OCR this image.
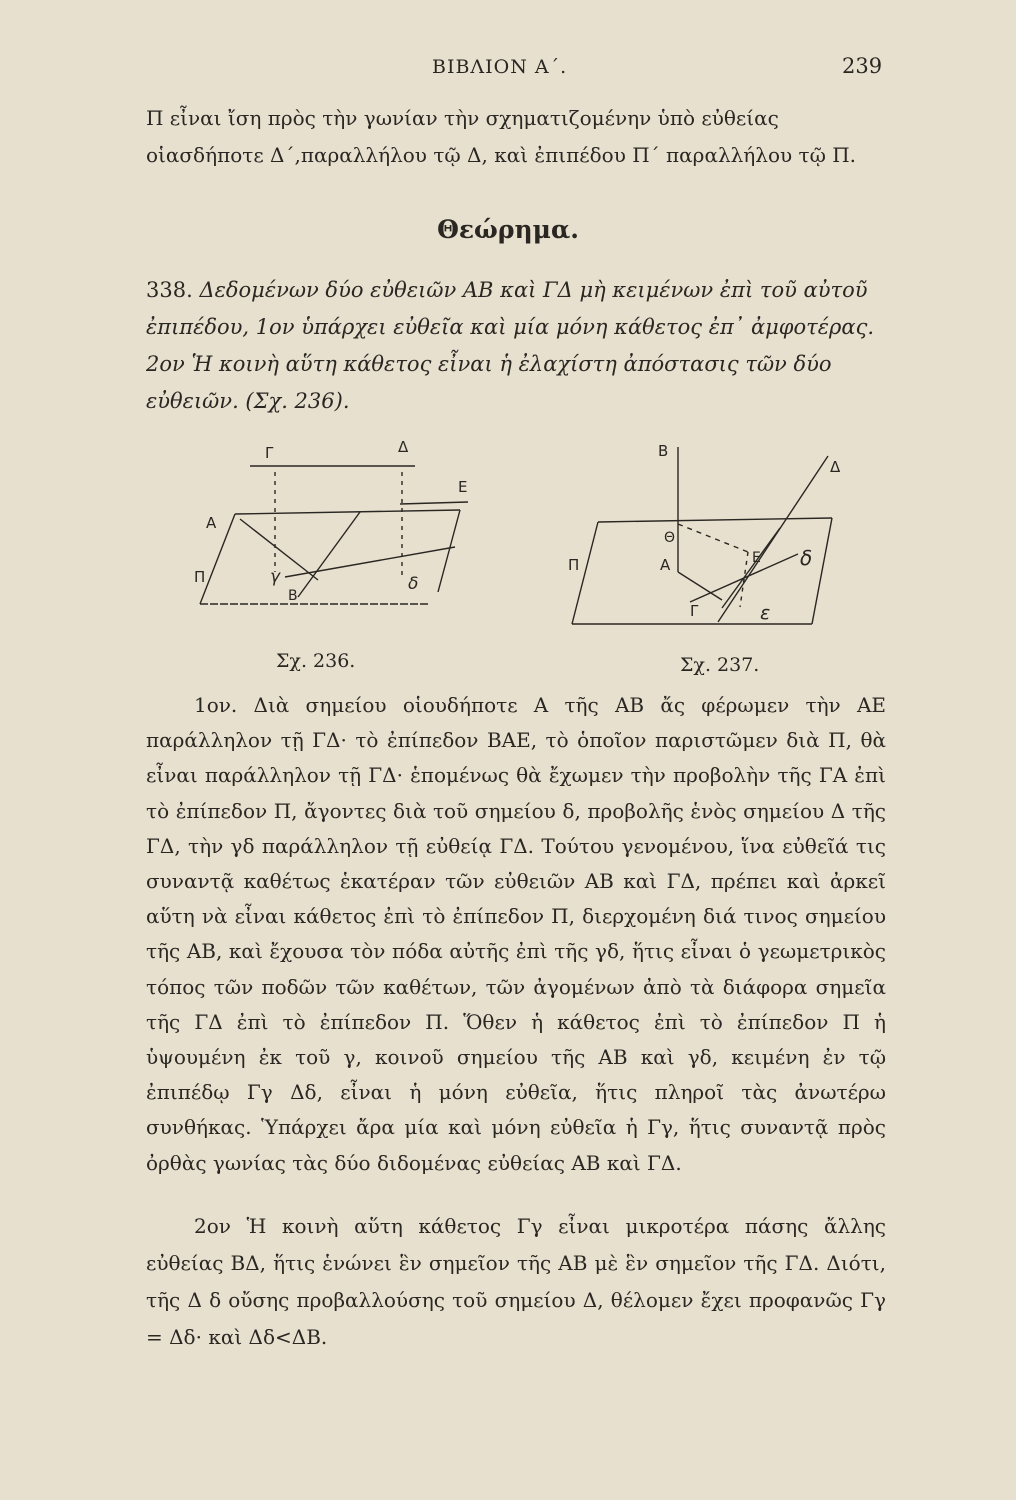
ΒΙΒΛΙΟΝ Α΄.	239

Π εἶναι ἴση πρὸς τὴν γωνίαν τὴν σχηματιζομένην ὑπὸ εὐθείας οἱασδήποτε Δ΄,παραλλήλου τῷ Δ, καὶ ἐπιπέδου Π΄ παραλλήλου τῷ Π.

Θεώρημα.

338. Δεδομένων δύο εὐθειῶν ΑΒ καὶ ΓΔ μὴ κειμένων ἐπὶ τοῦ αὐτοῦ ἐπιπέδου, 1ον ὑπάρχει εὐθεῖα καὶ μία μόνη κάθετος ἐπ᾽ ἀμφοτέρας. 2ον Ἡ κοινὴ αὕτη κάθετος εἶναι ἡ ἐλαχίστη ἀπόστασις τῶν δύο εὐθειῶν. (Σχ. 236).

Γ	Δ
Ε
Α
Π	γ
Β
δ
Β
Δ
Θ
Π	Α	Ε δ
Γ	ε
Σχ. 236.	Σχ. 237.

1ον. Διὰ σημείου οἱουδήποτε Α τῆς ΑΒ ἄς φέρωμεν τὴν ΑΕ παράλληλον τῇ ΓΔ· τὸ ἐπίπεδον ΒΑΕ, τὸ ὁποῖον παριστῶμεν διὰ Π, θὰ εἶναι παράλληλον τῇ ΓΔ· ἑπομένως θὰ ἔχωμεν τὴν προβολὴν τῆς ΓΑ ἐπὶ τὸ ἐπίπεδον Π, ἄγοντες διὰ τοῦ σημείου δ, προβολῆς ἑνὸς σημείου Δ τῆς ΓΔ, τὴν γδ παράλληλον τῇ εὐθείᾳ ΓΔ. Τούτου γενομένου, ἵνα εὐθεῖά τις συναντᾷ καθέτως ἑκατέραν τῶν εὐθειῶν ΑΒ καὶ ΓΔ, πρέπει καὶ ἀρκεῖ αὕτη νὰ εἶναι κάθετος ἐπὶ τὸ ἐπίπεδον Π, διερχομένη διά τινος σημείου τῆς ΑΒ, καὶ ἔχουσα τὸν πόδα αὐτῆς ἐπὶ τῆς γδ, ἥτις εἶναι ὁ γεωμετρικὸς τόπος τῶν ποδῶν τῶν καθέτων, τῶν ἀγομένων ἀπὸ τὰ διάφορα σημεῖα τῆς ΓΔ ἐπὶ τὸ ἐπίπεδον Π. Ὅθεν ἡ κάθετος ἐπὶ τὸ ἐπίπεδον Π ἡ ὑψουμένη ἐκ τοῦ γ, κοινοῦ σημείου τῆς ΑΒ καὶ γδ, κειμένη ἐν τῷ ἐπιπέδῳ Γγ Δδ, εἶναι ἡ μόνη εὐθεῖα, ἥτις πληροῖ τὰς ἀνωτέρω συνθήκας. Ὑπάρχει ἄρα μία καὶ μόνη εὐθεῖα ἡ Γγ, ἥτις συναντᾷ πρὸς ὀρθὰς γωνίας τὰς δύο διδομένας εὐθείας ΑΒ καὶ ΓΔ.

2ον Ἡ κοινὴ αὕτη κάθετος Γγ εἶναι μικροτέρα πάσης ἄλλης εὐθείας ΒΔ, ἥτις ἑνώνει ἓν σημεῖον τῆς ΑΒ μὲ ἓν σημεῖον τῆς ΓΔ. Διότι, τῆς Δ δ οὔσης προβαλλούσης τοῦ σημείου Δ, θέλομεν ἔχει προφανῶς Γγ = Δδ· καὶ Δδ<ΔΒ.
